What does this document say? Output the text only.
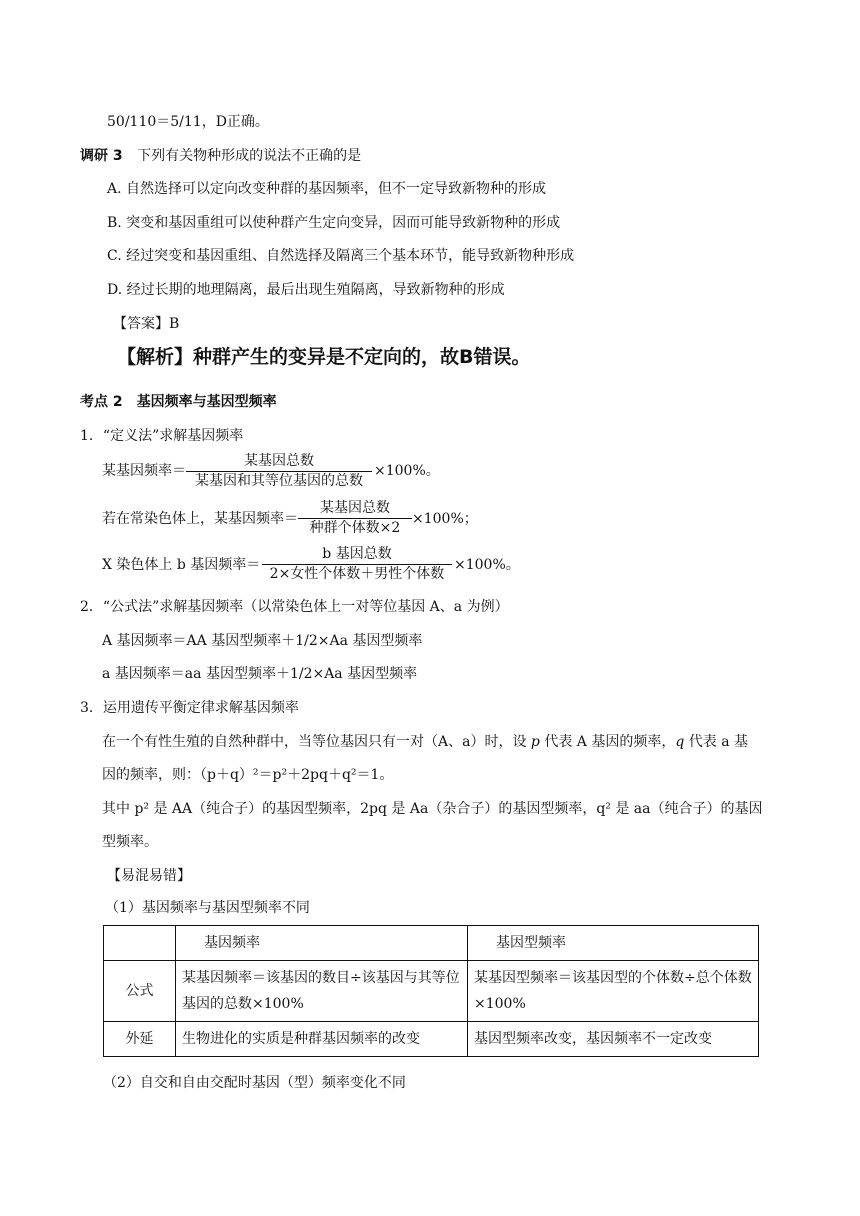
50/110＝5/11，D正确。
调研 3 下列有关物种形成的说法不正确的是
A. 自然选择可以定向改变种群的基因频率，但不一定导致新物种的形成
B. 突变和基因重组可以使种群产生定向变异，因而可能导致新物种的形成
C. 经过突变和基因重组、自然选择及隔离三个基本环节，能导致新物种形成
D. 经过长期的地理隔离，最后出现生殖隔离，导致新物种的形成
【答案】B
【解析】种群产生的变异是不定向的，故B错误。
考点 2　基因频率与基因型频率
1．“定义法”求解基因频率
某基因频率＝
某基因总数
某基因和其等位基因的总数
×100%。
若在常染色体上，某基因频率＝
某基因总数
种群个体数×2
×100%；
X 染色体上 b 基因频率＝
b 基因总数
2×女性个体数＋男性个体数
×100%。
2．“公式法”求解基因频率（以常染色体上一对等位基因 A、a 为例）
A 基因频率＝AA 基因型频率＋1/2×Aa 基因型频率
a 基因频率＝aa 基因型频率＋1/2×Aa 基因型频率
3．运用遗传平衡定律求解基因频率
在一个有性生殖的自然种群中，当等位基因只有一对（A、a）时，设 p 代表 A 基因的频率，q 代表 a 基
因的频率，则：（p＋q）²＝p²＋2pq＋q²＝1。
其中 p² 是 AA（纯合子）的基因型频率，2pq 是 Aa（杂合子）的基因型频率，q² 是 aa（纯合子）的基因
型频率。
【易混易错】
（1）基因频率与基因型频率不同
	基因频率	基因型频率
公式	某基因频率＝该基因的数目÷该基因与其等位基因的总数×100%	某基因型频率＝该基因型的个体数÷总个体数×100%
外延	生物进化的实质是种群基因频率的改变	基因型频率改变，基因频率不一定改变
（2）自交和自由交配时基因（型）频率变化不同
